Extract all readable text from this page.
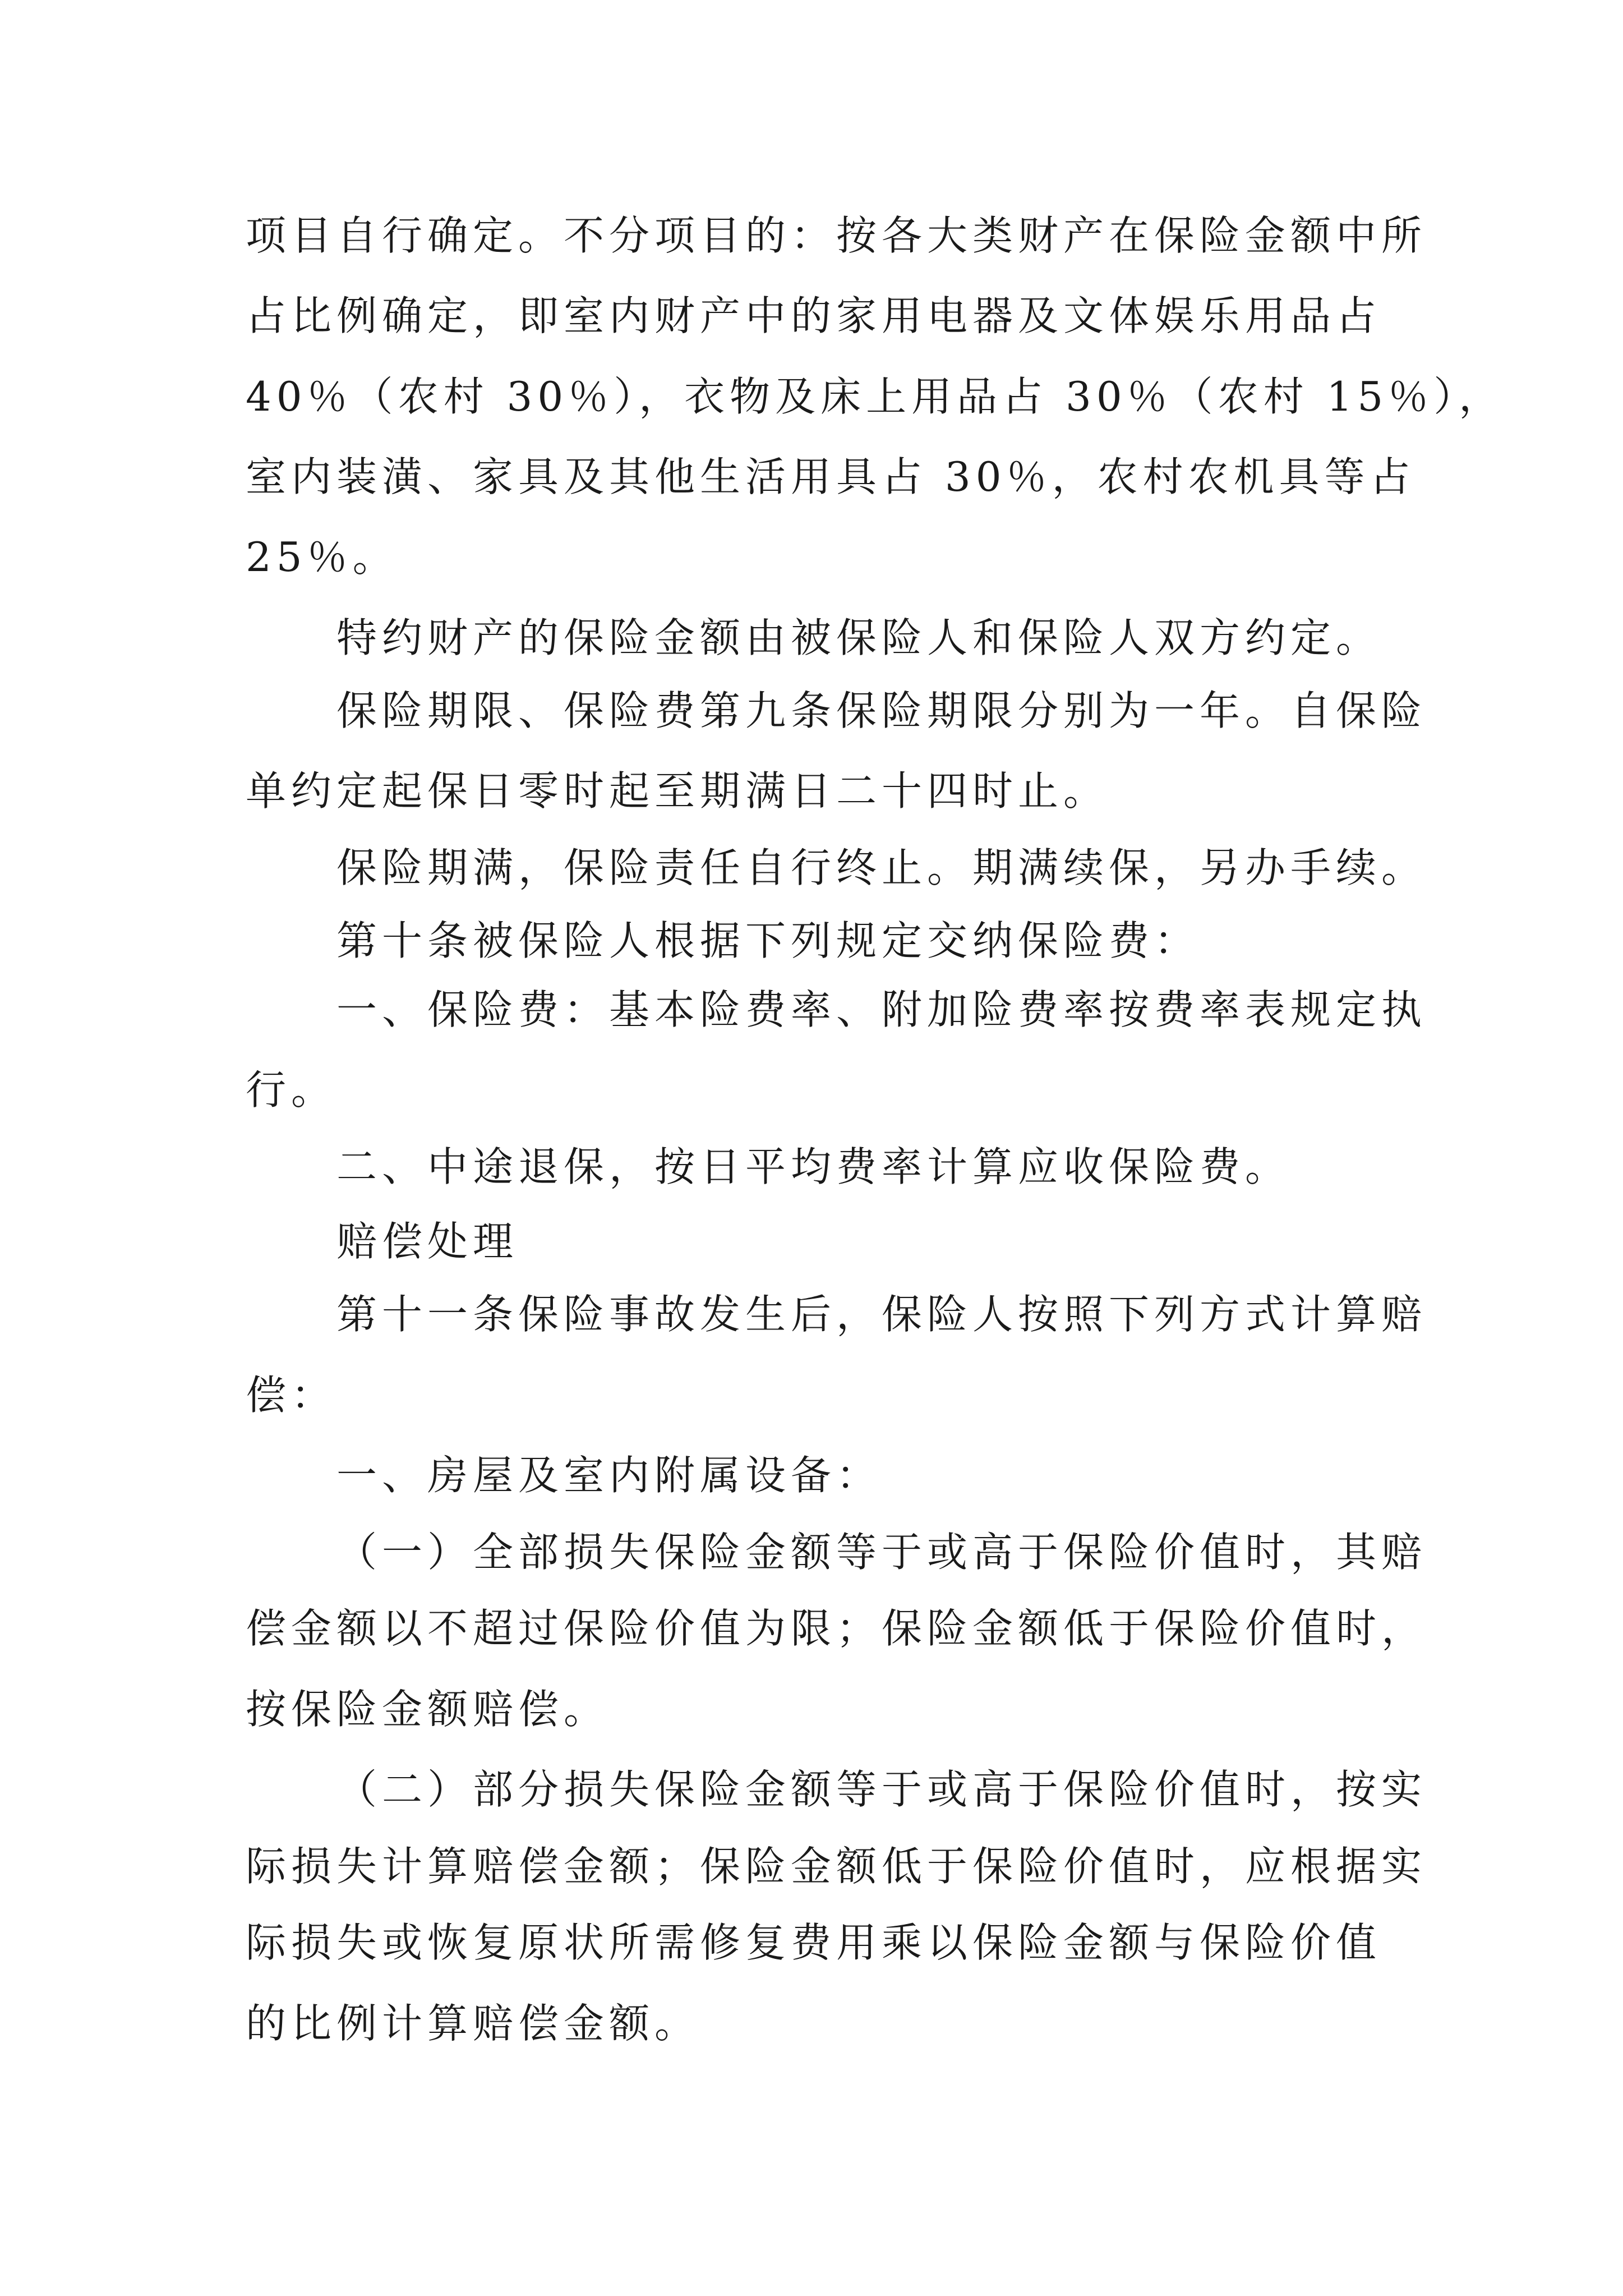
项目自行确定。不分项目的：按各大类财产在保险金额中所

占比例确定，即室内财产中的家用电器及文体娱乐用品占

40％（农村 30％），衣物及床上用品占 30％（农村 15％），

室内装潢、家具及其他生活用具占 30％，农村农机具等占

25％。

特约财产的保险金额由被保险人和保险人双方约定。

保险期限、保险费第九条保险期限分别为一年。自保险

单约定起保日零时起至期满日二十四时止。

保险期满，保险责任自行终止。期满续保，另办手续。

第十条被保险人根据下列规定交纳保险费：

一、保险费：基本险费率、附加险费率按费率表规定执

行。

二、中途退保，按日平均费率计算应收保险费。

赔偿处理

第十一条保险事故发生后，保险人按照下列方式计算赔

偿：

一、房屋及室内附属设备：

（一）全部损失保险金额等于或高于保险价值时，其赔

偿金额以不超过保险价值为限；保险金额低于保险价值时，

按保险金额赔偿。

（二）部分损失保险金额等于或高于保险价值时，按实

际损失计算赔偿金额；保险金额低于保险价值时，应根据实

际损失或恢复原状所需修复费用乘以保险金额与保险价值

的比例计算赔偿金额。
